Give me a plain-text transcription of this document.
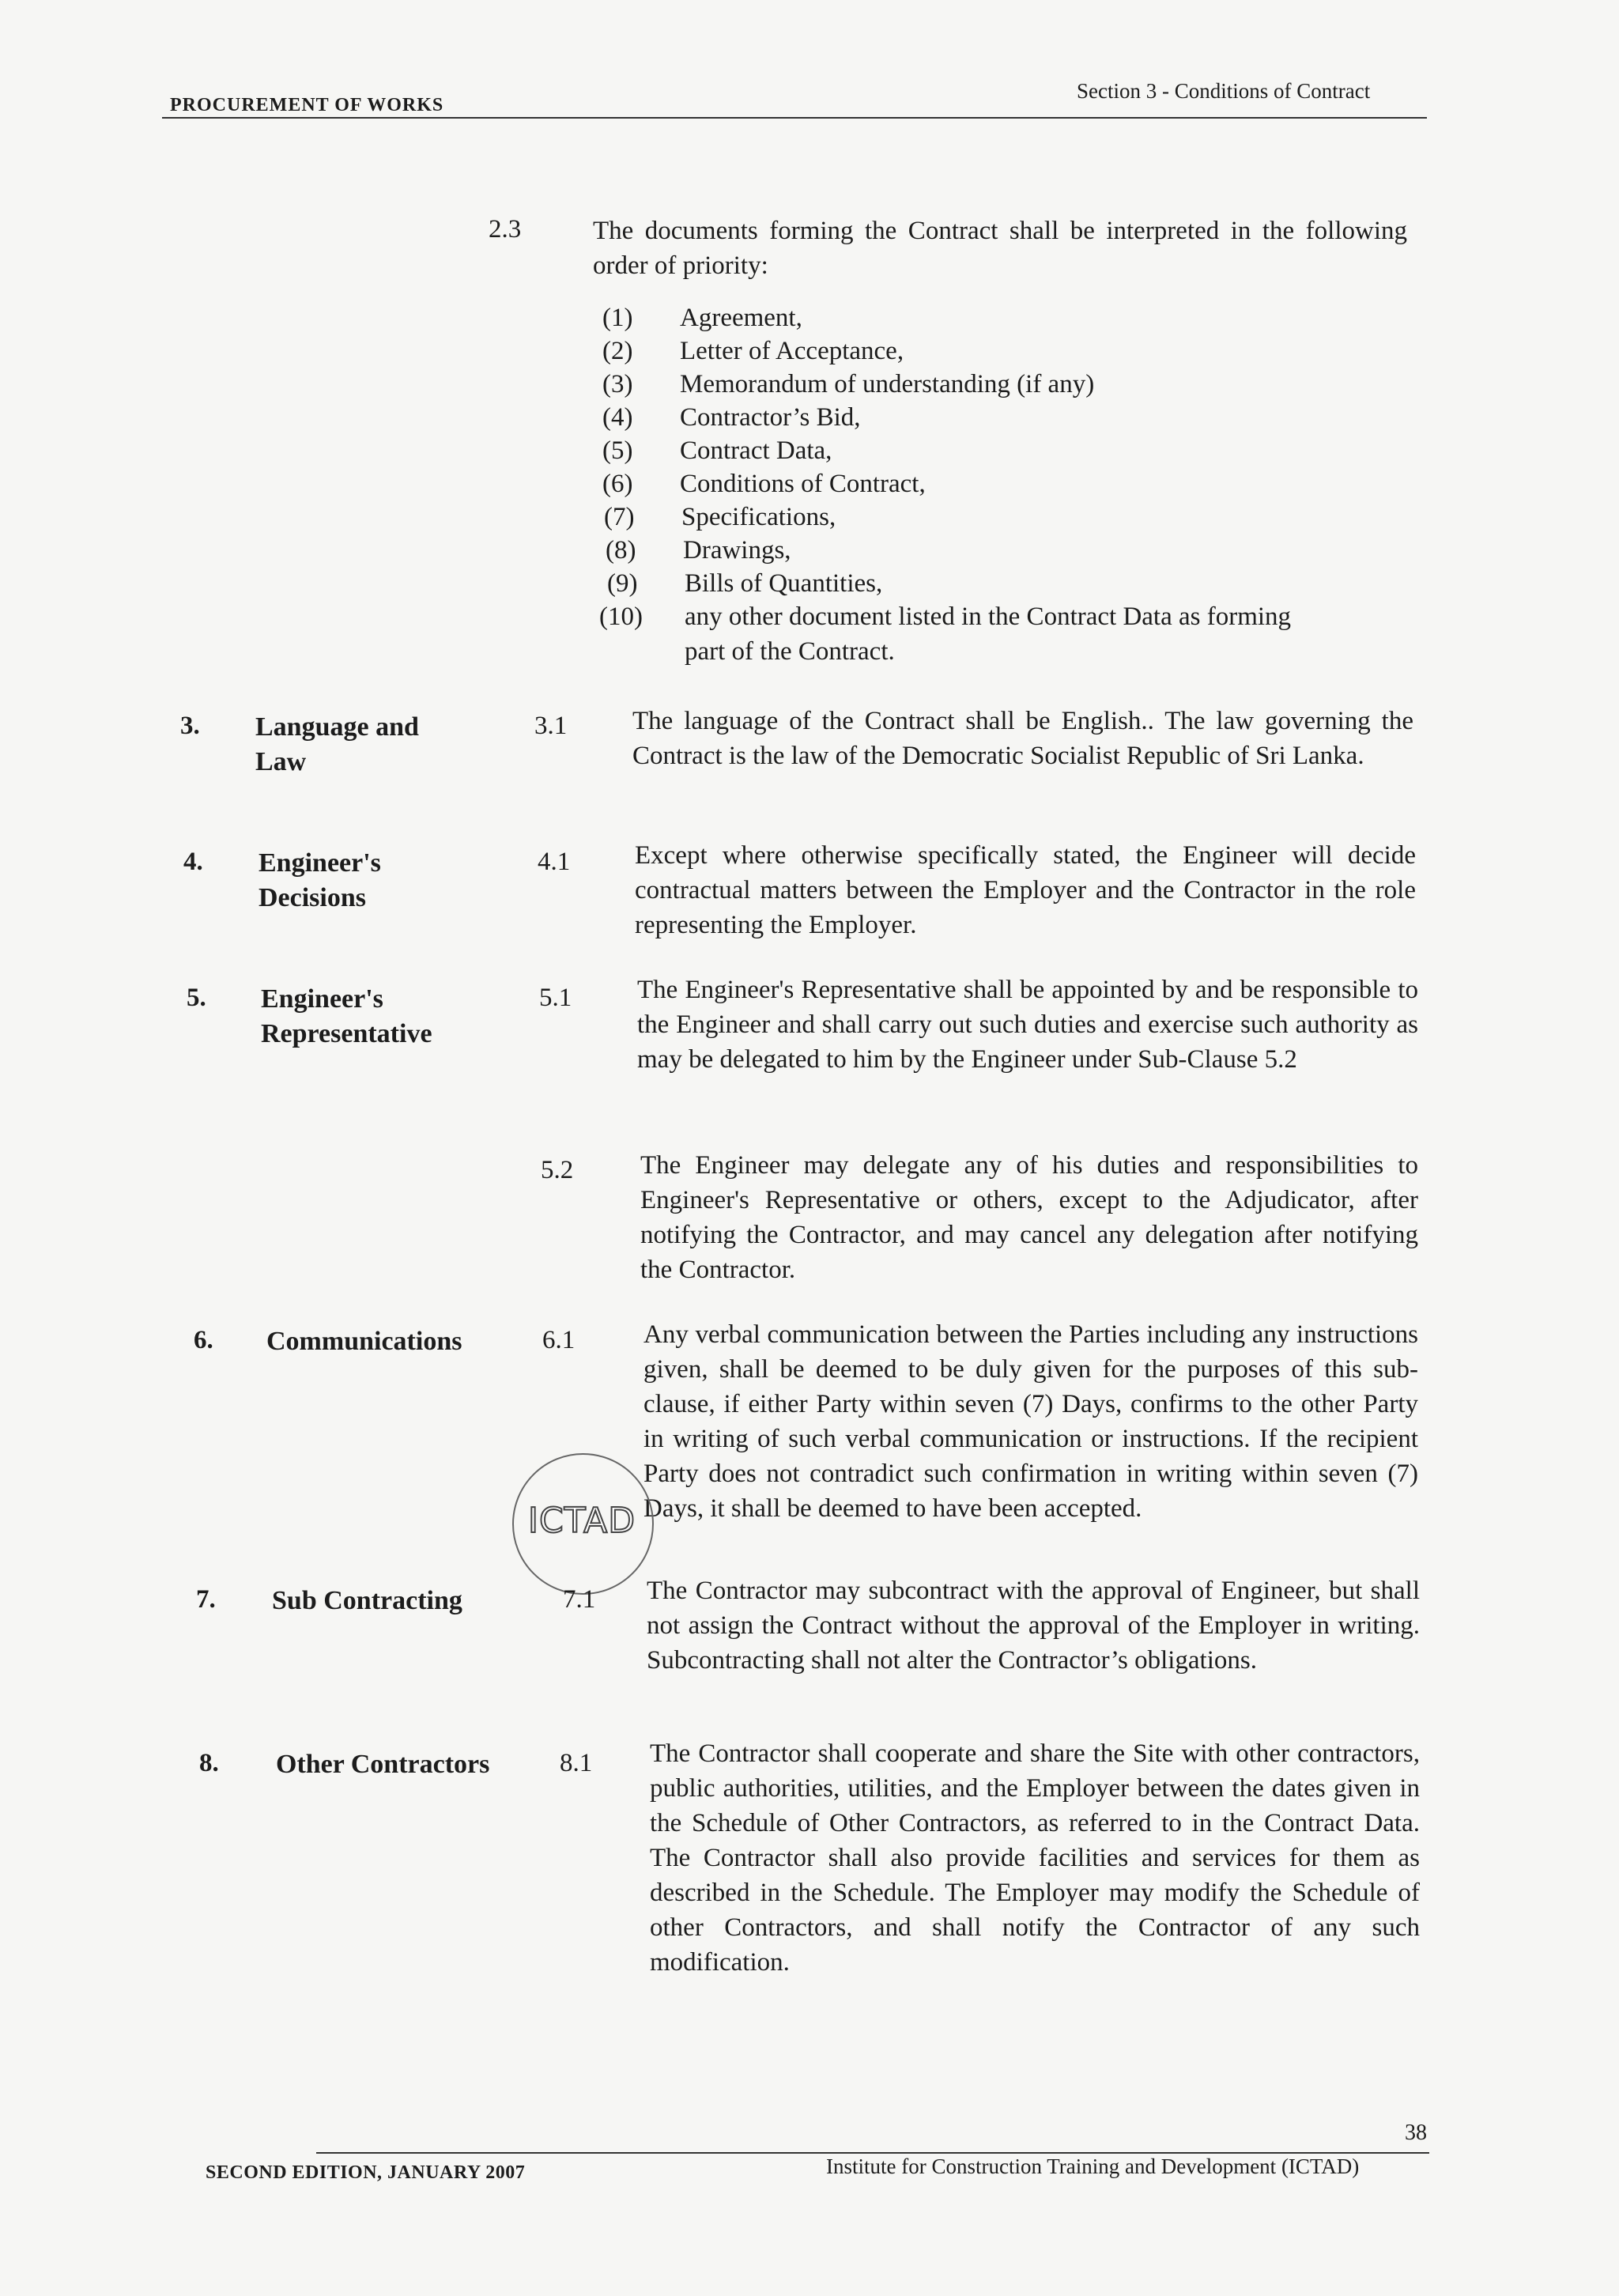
PROCUREMENT OF WORKS
Section 3 - Conditions of Contract
2.3	The documents forming the Contract shall be interpreted in the following order of priority:
(1) Agreement,
(2) Letter of Acceptance,
(3) Memorandum of understanding (if any)
(4) Contractor’s Bid,
(5) Contract Data,
(6) Conditions of Contract,
(7) Specifications,
(8) Drawings,
(9) Bills of Quantities,
(10) any other document listed in the Contract Data as forming
part of the Contract.
3. Language and Law
3.1	The language of the Contract shall be English.. The law governing the Contract is the law of the Democratic Socialist Republic of Sri Lanka.
4. Engineer's Decisions
4.1 Except where otherwise specifically stated, the Engineer will decide contractual matters between the Employer and the Contractor in the role representing the Employer.
5. Engineer's Representative
5.1	The Engineer's Representative shall be appointed by and be responsible to the Engineer and shall carry out such duties and exercise such authority as may be delegated to him by the Engineer under Sub-Clause 5.2
5.2	The Engineer may delegate any of his duties and responsibilities to Engineer's Representative or others, except to the Adjudicator, after notifying the Contractor, and may cancel any delegation after notifying the Contractor.
6. Communications	6.1	Any verbal communication between the Parties including any instructions given, shall be deemed to be duly given for the purposes of this sub-clause, if either Party within seven (7) Days, confirms to the other Party in writing of such verbal communication or instructions. If the recipient Party does not contradict such confirmation in writing within seven (7) Days, it shall be deemed to have been accepted.
ICTAD
7. Sub Contracting	7.1 The Contractor may subcontract with the approval of Engineer, but shall not assign the Contract without the approval of the Employer in writing. Subcontracting shall not alter the Contractor’s obligations.
8. Other Contractors	8.1 The Contractor shall cooperate and share the Site with other contractors, public authorities, utilities, and the Employer between the dates given in the Schedule of Other Contractors, as referred to in the Contract Data. The Contractor shall also provide facilities and services for them as described in the Schedule. The Employer may modify the Schedule of other Contractors, and shall notify the Contractor of any such modification.
38
SECOND EDITION, JANUARY 2007	Institute for Construction Training and Development (ICTAD)
